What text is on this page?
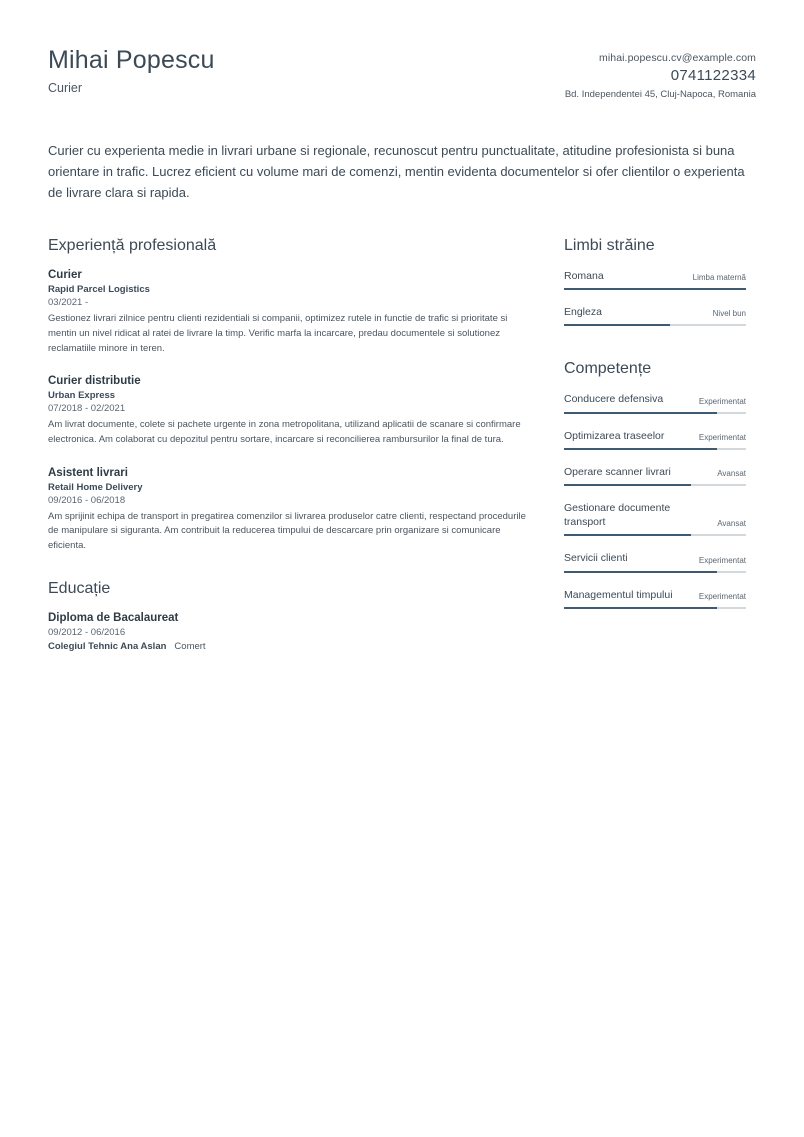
Mihai Popescu
Curier
mihai.popescu.cv@example.com
0741122334
Bd. Independentei 45, Cluj-Napoca, Romania
Curier cu experienta medie in livrari urbane si regionale, recunoscut pentru punctualitate, atitudine profesionista si buna orientare in trafic. Lucrez eficient cu volume mari de comenzi, mentin evidenta documentelor si ofer clientilor o experienta de livrare clara si rapida.
Experiență profesională
Curier
Rapid Parcel Logistics
03/2021 -
Gestionez livrari zilnice pentru clienti rezidentiali si companii, optimizez rutele in functie de trafic si prioritate si mentin un nivel ridicat al ratei de livrare la timp. Verific marfa la incarcare, predau documentele si solutionez reclamatiile minore in teren.
Curier distributie
Urban Express
07/2018 - 02/2021
Am livrat documente, colete si pachete urgente in zona metropolitana, utilizand aplicatii de scanare si confirmare electronica. Am colaborat cu depozitul pentru sortare, incarcare si reconcilierea rambursurilor la final de tura.
Asistent livrari
Retail Home Delivery
09/2016 - 06/2018
Am sprijinit echipa de transport in pregatirea comenzilor si livrarea produselor catre clienti, respectand procedurile de manipulare si siguranta. Am contribuit la reducerea timpului de descarcare prin organizare si comunicare eficienta.
Educație
Diploma de Bacalaureat
09/2012 - 06/2016
Colegiul Tehnic Ana Aslan Comert
Limbi străine
Romana	Limba maternă
Engleza	Nivel bun
Competențe
Conducere defensiva	Experimentat
Optimizarea traseelor	Experimentat
Operare scanner livrari	Avansat
Gestionare documente transport	Avansat
Servicii clienti	Experimentat
Managementul timpului	Experimentat
